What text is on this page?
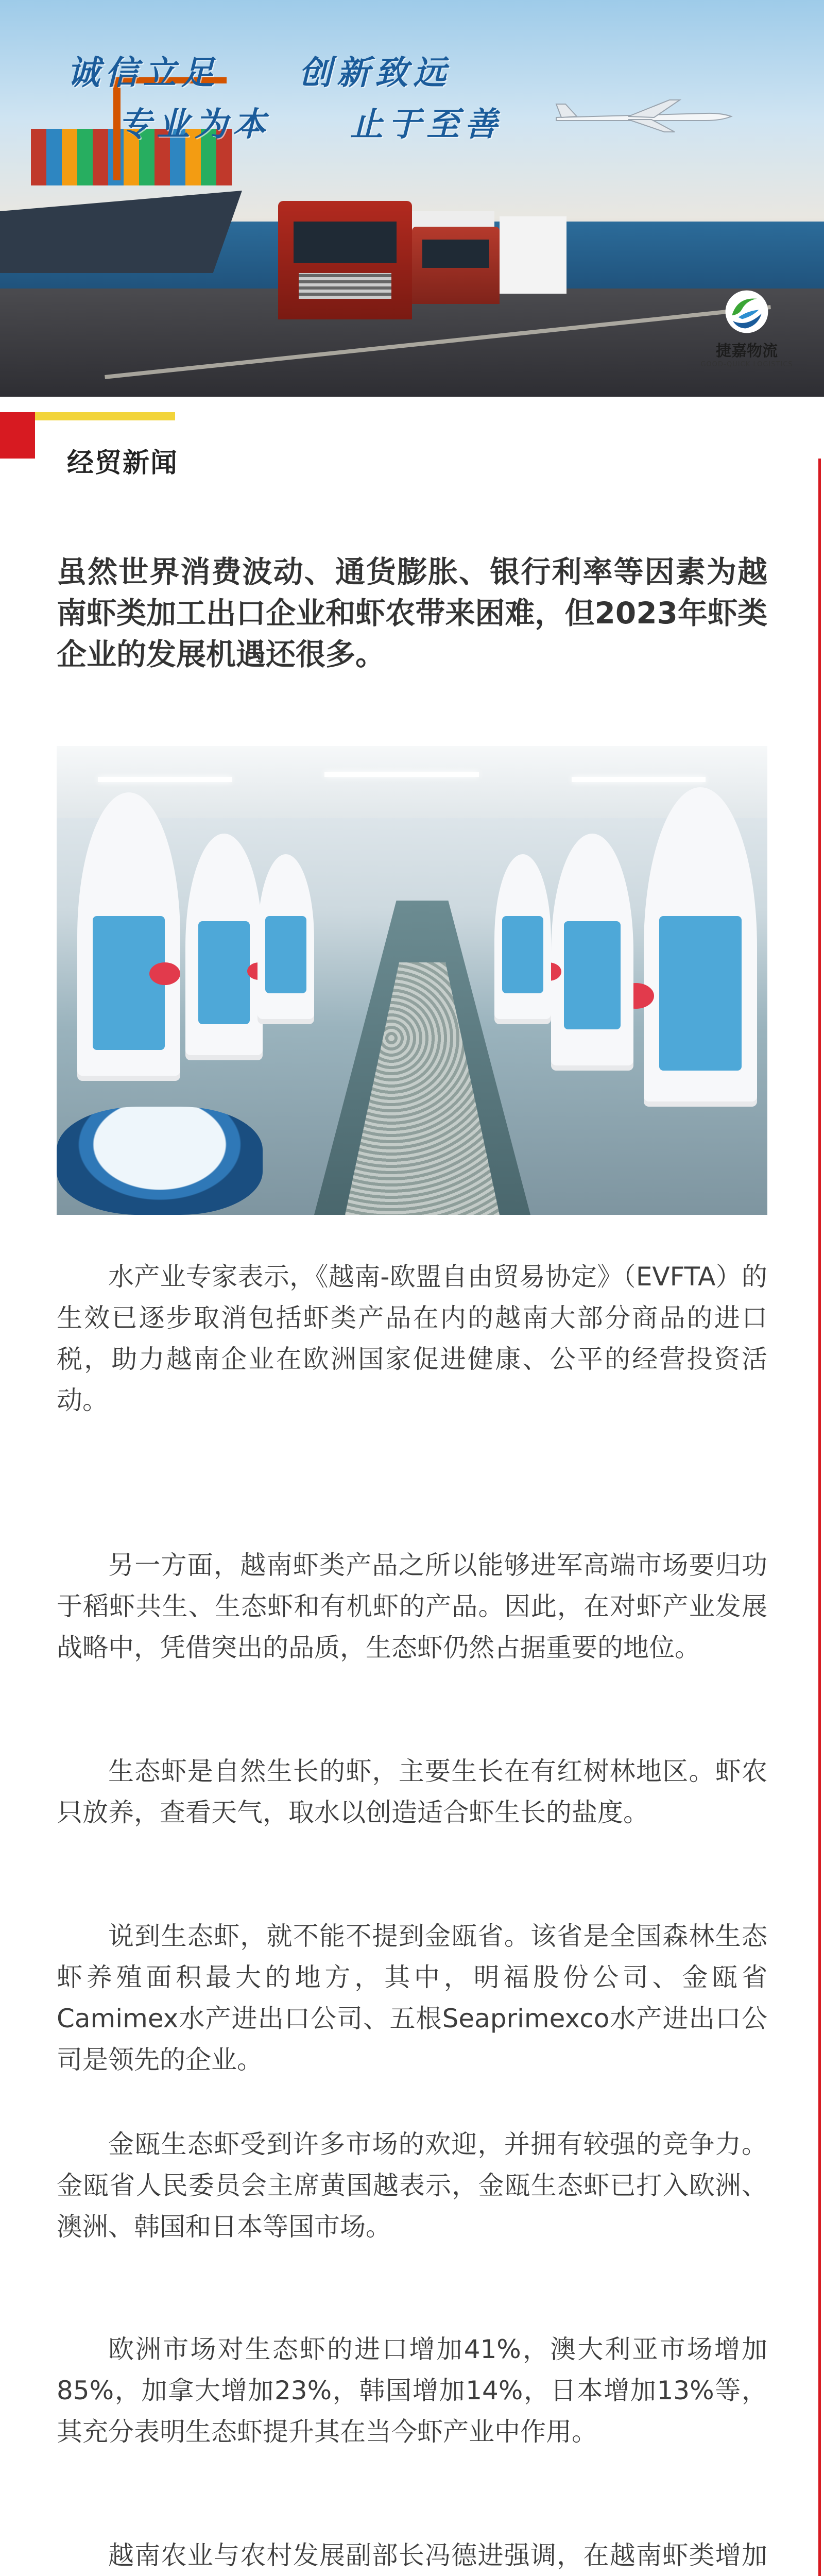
诚信立足 创新致远
专业为本 止于至善
捷嘉物流
GOOD-QUICK LOGISTICS
经贸新闻
虽然世界消费波动、通货膨胀、银行利率等因素为越南虾类加工出口企业和虾农带来困难，但2023年虾类企业的发展机遇还很多。
水产业专家表示，《越南-欧盟自由贸易协定》（EVFTA）的生效已逐步取消包括虾类产品在内的越南大部分商品的进口税，助力越南企业在欧洲国家促进健康、公平的经营投资活动。
另一方面，越南虾类产品之所以能够进军高端市场要归功于稻虾共生、生态虾和有机虾的产品。因此，在对虾产业发展战略中，凭借突出的品质，生态虾仍然占据重要的地位。
生态虾是自然生长的虾，主要生长在有红树林地区。虾农只放养，查看天气，取水以创造适合虾生长的盐度。
说到生态虾，就不能不提到金瓯省。该省是全国森林生态虾养殖面积最大的地方，其中，明福股份公司、金瓯省Camimex水产进出口公司、五根Seaprimexco水产进出口公司是领先的企业。
金瓯生态虾受到许多市场的欢迎，并拥有较强的竞争力。金瓯省人民委员会主席黄国越表示，金瓯生态虾已打入欧洲、澳洲、韩国和日本等国市场。
欧洲市场对生态虾的进口增加41%，澳大利亚市场增加85%，加拿大增加23%，韩国增加14%，日本增加13%等，其充分表明生态虾提升其在当今虾产业中作用。
越南农业与农村发展副部长冯德进强调，在越南虾类增加
